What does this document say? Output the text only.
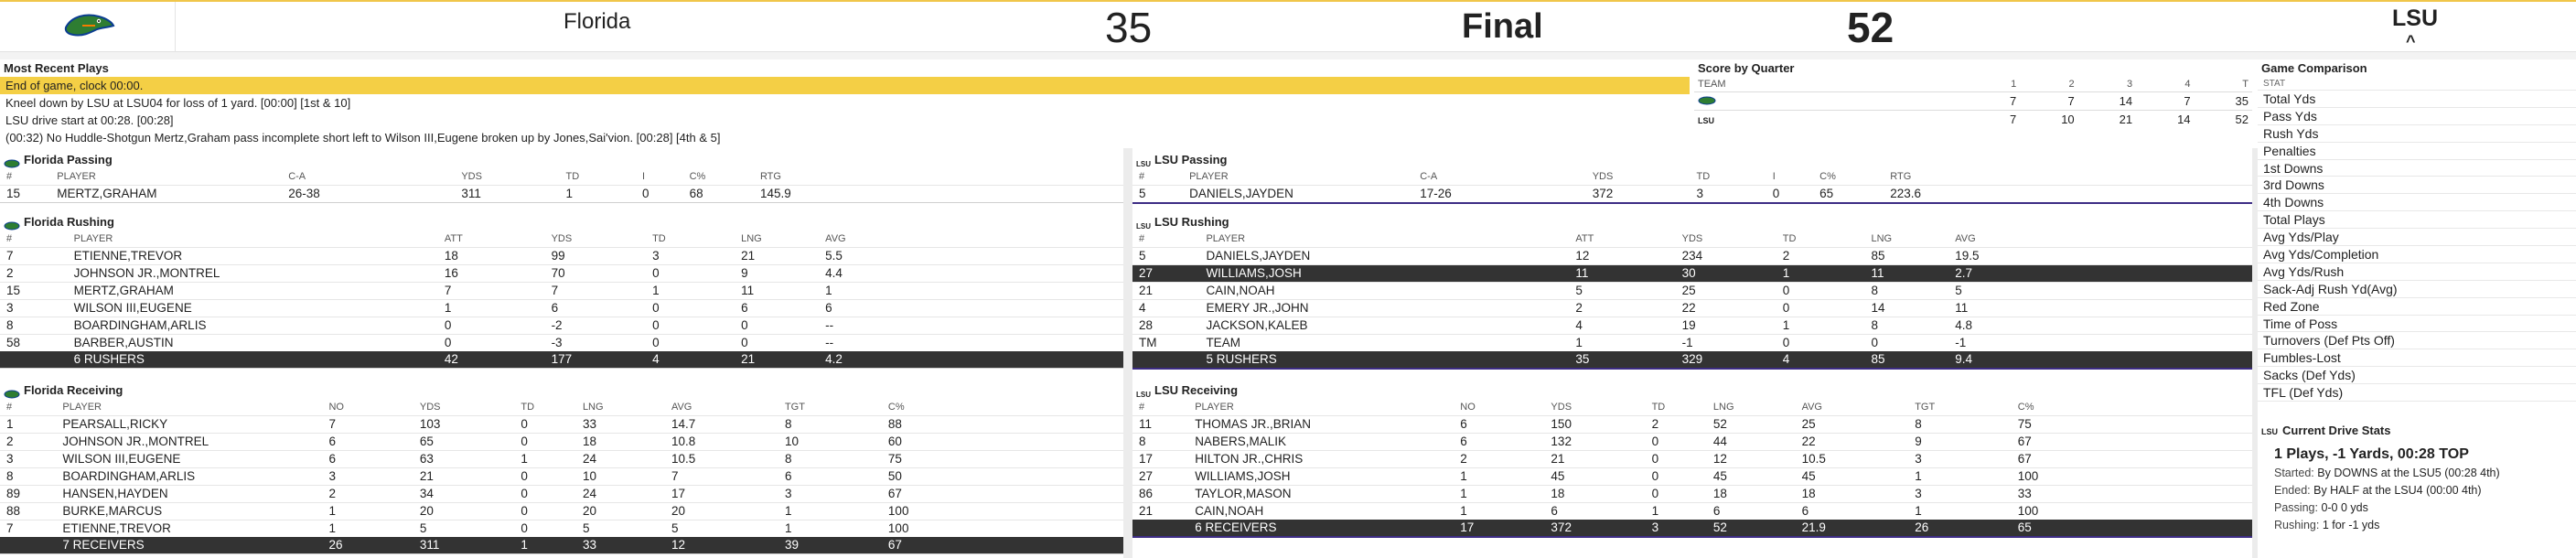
Florida	35	Final	52	LSU
^
Most Recent Plays
End of game, clock 00:00.
Kneel down by LSU at LSU04 for loss of 1 yard. [00:00] [1st & 10]
LSU drive start at 00:28. [00:28]
(00:32) No Huddle-Shotgun Mertz,Graham pass incomplete short left to Wilson III,Eugene broken up by Jones,Sai'vion. [00:28] [4th & 5]
Score by Quarter
TEAM	1	2	3	4	T
	7	7	14	7	35
LSU	7	10	21	14	52
Game Comparison
STAT
Total Yds
Pass Yds
Rush Yds
Penalties
1st Downs
3rd Downs
4th Downs
Total Plays
Avg Yds/Play
Avg Yds/Completion
Avg Yds/Rush
Sack-Adj Rush Yd(Avg)
Red Zone
Time of Poss
Turnovers (Def Pts Off)
Fumbles-Lost
Sacks (Def Yds)
TFL (Def Yds)
LSU Current Drive Stats
1 Plays, -1 Yards, 00:28 TOP
Started: By DOWNS at the LSU5 (00:28 4th)
Ended: By HALF at the LSU4 (00:00 4th)
Passing: 0-0 0 yds
Rushing: 1 for -1 yds
Florida Passing
#	PLAYER	C-A	YDS	TD	I	C%	RTG
15	MERTZ,GRAHAM	26-38	311	1	0	68	145.9
Florida Rushing
#	PLAYER	ATT	YDS	TD	LNG	AVG
7	ETIENNE,TREVOR	18	99	3	21	5.5
2	JOHNSON JR.,MONTREL	16	70	0	9	4.4
15	MERTZ,GRAHAM	7	7	1	11	1
3	WILSON III,EUGENE	1	6	0	6	6
8	BOARDINGHAM,ARLIS	0	-2	0	0	--
58	BARBER,AUSTIN	0	-3	0	0	--
	6 RUSHERS	42	177	4	21	4.2
Florida Receiving
#	PLAYER	NO	YDS	TD	LNG	AVG	TGT	C%
1	PEARSALL,RICKY	7	103	0	33	14.7	8	88
2	JOHNSON JR.,MONTREL	6	65	0	18	10.8	10	60
3	WILSON III,EUGENE	6	63	1	24	10.5	8	75
8	BOARDINGHAM,ARLIS	3	21	0	10	7	6	50
89	HANSEN,HAYDEN	2	34	0	24	17	3	67
88	BURKE,MARCUS	1	20	0	20	20	1	100
7	ETIENNE,TREVOR	1	5	0	5	5	1	100
	7 RECEIVERS	26	311	1	33	12	39	67
LSU LSU Passing
#	PLAYER	C-A	YDS	TD	I	C%	RTG
5	DANIELS,JAYDEN	17-26	372	3	0	65	223.6
LSU LSU Rushing
#	PLAYER	ATT	YDS	TD	LNG	AVG
5	DANIELS,JAYDEN	12	234	2	85	19.5
27	WILLIAMS,JOSH	11	30	1	11	2.7
21	CAIN,NOAH	5	25	0	8	5
4	EMERY JR.,JOHN	2	22	0	14	11
28	JACKSON,KALEB	4	19	1	8	4.8
TM	TEAM	1	-1	0	0	-1
	5 RUSHERS	35	329	4	85	9.4
LSU LSU Receiving
#	PLAYER	NO	YDS	TD	LNG	AVG	TGT	C%
11	THOMAS JR.,BRIAN	6	150	2	52	25	8	75
8	NABERS,MALIK	6	132	0	44	22	9	67
17	HILTON JR.,CHRIS	2	21	0	12	10.5	3	67
27	WILLIAMS,JOSH	1	45	0	45	45	1	100
86	TAYLOR,MASON	1	18	0	18	18	3	33
21	CAIN,NOAH	1	6	1	6	6	1	100
	6 RECEIVERS	17	372	3	52	21.9	26	65
